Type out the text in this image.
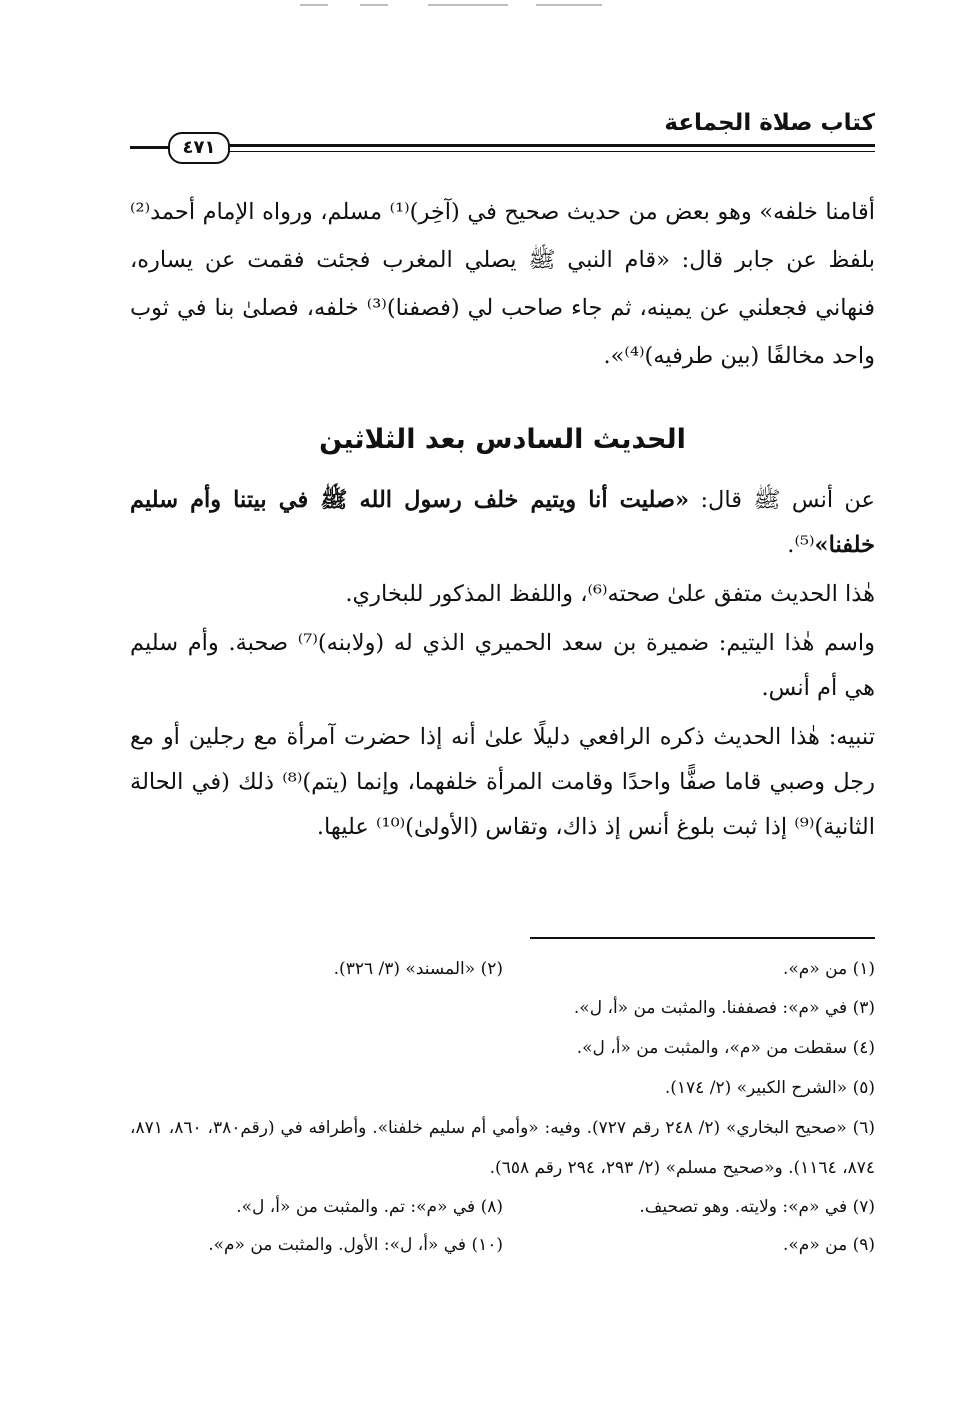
كتاب صلاة الجماعة
٤٧١

أقامنا خلفه» وهو بعض من حديث صحيح في (آخِر)⁽¹⁾ مسلم، ورواه الإمام أحمد⁽²⁾ بلفظ عن جابر قال: «قام النبي ﷺ يصلي المغرب فجئت فقمت عن يساره، فنهاني فجعلني عن يمينه، ثم جاء صاحب لي (فصفنا)⁽³⁾ خلفه، فصلىٰ بنا في ثوب واحد مخالفًا (بين طرفيه)⁽⁴⁾».

الحديث السادس بعد الثلاثين

عن أنس ﷺ قال: «صليت أنا ويتيم خلف رسول الله ﷺ في بيتنا وأم سليم خلفنا»⁽⁵⁾.

هٰذا الحديث متفق علىٰ صحته⁽⁶⁾، واللفظ المذكور للبخاري.

واسم هٰذا اليتيم: ضميرة بن سعد الحميري الذي له (ولابنه)⁽⁷⁾ صحبة. وأم سليم هي أم أنس.

تنبيه: هٰذا الحديث ذكره الرافعي دليلًا علىٰ أنه إذا حضرت آمرأة مع رجلين أو مع رجل وصبي قاما صفًّا واحدًا وقامت المرأة خلفهما، وإنما (يتم)⁽⁸⁾ ذلك (في الحالة الثانية)⁽⁹⁾ إذا ثبت بلوغ أنس إذ ذاك، وتقاس (الأولىٰ)⁽¹⁰⁾ عليها.

(١) من «م».
(٢) «المسند» (٣/ ٣٢٦).
(٣) في «م»: فصففنا. والمثبت من «أ، ل».
(٤) سقطت من «م»، والمثبت من «أ، ل».
(٥) «الشرح الكبير» (٢/ ١٧٤).
(٦) «صحيح البخاري» (٢/ ٢٤٨ رقم ٧٢٧). وفيه: «وأمي أم سليم خلفنا». وأطرافه في (رقم٣٨٠، ٨٦٠، ٨٧١، ٨٧٤، ١١٦٤). و«صحيح مسلم» (٢/ ٢٩٣، ٢٩٤ رقم ٦٥٨).
(٧) في «م»: ولايته. وهو تصحيف.
(٨) في «م»: تم. والمثبت من «أ، ل».
(٩) من «م».
(١٠) في «أ، ل»: الأول. والمثبت من «م».
